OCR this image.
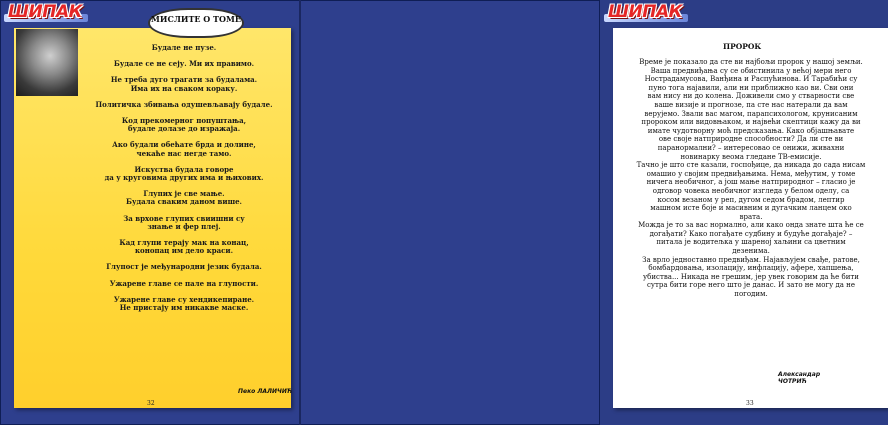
ШИПАК	МИСЛИТЕ О ТОМЕ

Будале не пузе.

Будале се не сеју. Ми их правимо.

Не треба дуго трагати за будалама.
Има их на сваком кораку.

Политичка збивања одушевљавају будале.

Код прекомерног попуштања,
будале долазе до изражаја.

Ако будали обећате брда и долине,
чекаће нас негде тамо.

Искуства будала говоре
да у круговима других има и њихових.

Глупих је све мање.
Будала сваким даном више.

За врхове глупих свиишни су
знање и фер плеј.

Кад глупи терају мак на конац,
конопац им дело краси.

Глупост је међународни језик будала.

Ужарене главе се пале на глупости.

Ужарене главе су хендикепиране.
Не пристају им никакве маске.

Пеко ЛАЛИЧИЋ
32
ШИПАК
ПРОРОК

Време је показало да сте ви најбољи пророк у нашој земљи.

Ваша предвиђања су се обистинила у већој мери него

Нострадамусова, Ванђина и Распућинова. И Тарабићи су

пуно тога најавили, али ни приближно као ви. Сви они

вам нису ни до колена. Доживели смо у стварности све

ваше визије и прогнозе, па сте нас натерали да вам

верујемо. Звали вас магом, парапсихологом, крунисаним

пророком или видовњаком, и највећи скептици кажу да ви

имате чудотворну моћ предсказања. Како објашњавате

ове своје натприродне способности? Да ли сте ви

паранормални? – интересовао се онижи, живахни

новинарку веома гледане ТВ-емисије.

Тачно је што сте казали, госпођице, да никада до сада нисам

омашио у својим предвиђањима. Нема, међутим, у томе

ничега необичног, а још мање натприродног – гласио је

одговор човека необичног изгледа у белом оделу, са

косом везаном у реп, дугом седом брадом, лептир

машном исте боје и масивним и дугачким ланцем око

врата.

Можда је то за вас нормално, али како онда знате шта ће се

догађати? Како погађате судбину и будуће догађаје? –

питала је водитељка у шареној хаљини са цветним

дезенима.

За врло једноставно предвиђам. Најављујем свађе, ратове,

бомбардовања, изолацију, инфлацију, афере, хапшења,

убиства... Никада не грешим, јер увек говорим да ће бити

сутра бити горе него што је данас. И зато не могу да не

погодим.

Александар ЧОТРИЋ
33
